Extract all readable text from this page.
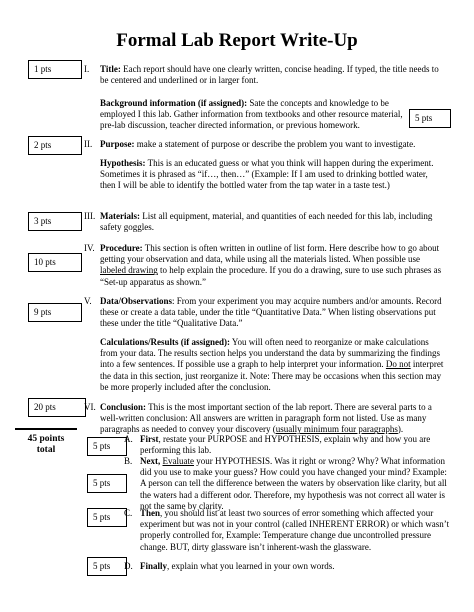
Formal Lab Report Write-Up
1 pts
5 pts
2 pts
3 pts
10 pts
9 pts
20 pts
45 points
total	5 pts
5 pts
5 pts
5 pts
I.
II.
III.
IV.
V.
VI.
Title: Each report should have one clearly written, concise heading. If typed, the title needs to be centered and underlined or in larger font.
Background information (if assigned): Sate the concepts and knowledge to be employed I this lab. Gather information from textbooks and other resource material, pre-lab discussion, teacher directed information, or previous homework.
Purpose: make a statement of purpose or describe the problem you want to investigate.
Hypothesis: This is an educated guess or what you think will happen during the experiment. Sometimes it is phrased as “if…, then…” (Example: If I am used to drinking bottled water, then I will be able to identify the bottled water from the tap water in a taste test.)
Materials: List all equipment, material, and quantities of each needed for this lab, including safety goggles.
Procedure: This section is often written in outline of list form. Here describe how to go about getting your observation and data, while using all the materials listed. When possible use labeled drawing to help explain the procedure. If you do a drawing, sure to use such phrases as “Set-up apparatus as shown.”
Data/Observations: From your experiment you may acquire numbers and/or amounts. Record these or create a data table, under the title “Quantitative Data.” When listing observations put these under the title “Qualitative Data.”
Calculations/Results (if assigned): You will often need to reorganize or make calculations from your data. The results section helps you understand the data by summarizing the findings into a few sentences. If possible use a graph to help interpret your information. Do not interpret the data in this section, just reorganize it. Note: There may be occasions when this section may be more properly included after the conclusion.
Conclusion: This is the most important section of the lab report. There are several parts to a well-written conclusion: All answers are written in paragraph form not listed. Use as many paragraphs as needed to convey your discovery (usually minimum four paragraphs).
A.
B.
C.
D.
First, restate your PURPOSE and HYPOTHESIS, explain why and how you are performing this lab.
Next, Evaluate your HYPOTHESIS. Was it right or wrong? Why? What information did you use to make your guess? How could you have changed your mind? Example: A person can tell the difference between the waters by observation like clarity, but all the waters had a different odor. Therefore, my hypothesis was not correct all water is not the same by clarity.
Then, you should list at least two sources of error something which affected your experiment but was not in your control (called INHERENT ERROR) or which wasn’t properly controlled for, Example: Temperature change due uncontrolled pressure change. BUT, dirty glassware isn’t inherent-wash the glassware.
Finally, explain what you learned in your own words.
